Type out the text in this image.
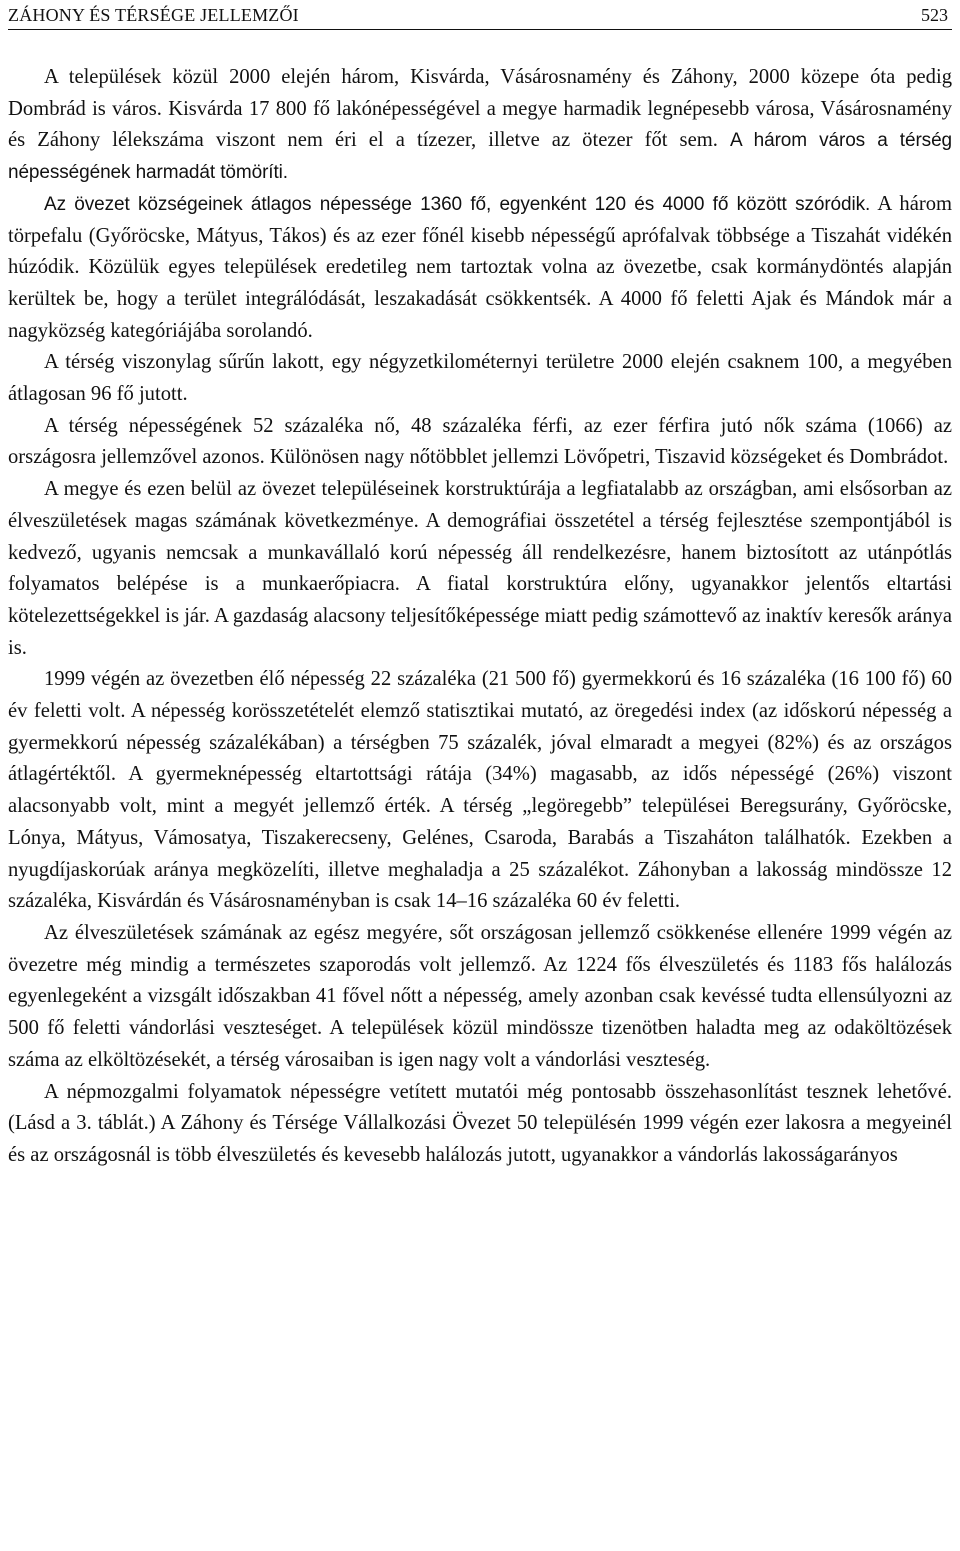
ZÁHONY ÉS TÉRSÉGE JELLEMZŐI	523

A települések közül 2000 elején három, Kisvárda, Vásárosnamény és Záhony, 2000 közepe óta pedig Dombrád is város. Kisvárda 17 800 fő lakónépességével a megye harmadik legnépesebb városa, Vásárosnamény és Záhony lélekszáma viszont nem éri el a tízezer, illetve az ötezer főt sem. A három város a térség népességének harmadát tömöríti.

Az övezet községeinek átlagos népessége 1360 fő, egyenként 120 és 4000 fő között szóródik. A három törpefalu (Győröcske, Mátyus, Tákos) és az ezer főnél kisebb népességű aprófalvak többsége a Tiszahát vidékén húzódik. Közülük egyes települések eredetileg nem tartoztak volna az övezetbe, csak kormánydöntés alapján kerültek be, hogy a terület integrálódását, leszakadását csökkentsék. A 4000 fő feletti Ajak és Mándok már a nagyközség kategóriájába sorolandó.

A térség viszonylag sűrűn lakott, egy négyzetkilométernyi területre 2000 elején csaknem 100, a megyében átlagosan 96 fő jutott.

A térség népességének 52 százaléka nő, 48 százaléka férfi, az ezer férfira jutó nők száma (1066) az országosra jellemzővel azonos. Különösen nagy nőtöbblet jellemzi Lövőpetri, Tiszavid községeket és Dombrádot.

A megye és ezen belül az övezet településeinek korstruktúrája a legfiatalabb az országban, ami elsősorban az élveszületések magas számának következménye. A demográfiai összetétel a térség fejlesztése szempontjából is kedvező, ugyanis nemcsak a munkavállaló korú népesség áll rendelkezésre, hanem biztosított az utánpótlás folyamatos belépése is a munkaerőpiacra. A fiatal korstruktúra előny, ugyanakkor jelentős eltartási kötelezettségekkel is jár. A gazdaság alacsony teljesítőképessége miatt pedig számottevő az inaktív keresők aránya is.

1999 végén az övezetben élő népesség 22 százaléka (21 500 fő) gyermekkorú és 16 százaléka (16 100 fő) 60 év feletti volt. A népesség korösszetételét elemző statisztikai mutató, az öregedési index (az időskorú népesség a gyermekkorú népesség százalékában) a térségben 75 százalék, jóval elmaradt a megyei (82%) és az országos átlagértéktől. A gyermeknépesség eltartottsági rátája (34%) magasabb, az idős népességé (26%) viszont alacsonyabb volt, mint a megyét jellemző érték. A térség „legöregebb” települései Beregsurány, Győröcske, Lónya, Mátyus, Vámosatya, Tiszakerecseny, Gelénes, Csaroda, Barabás a Tiszaháton találhatók. Ezekben a nyugdíjaskorúak aránya megközelíti, illetve meghaladja a 25 százalékot. Záhonyban a lakosság mindössze 12 százaléka, Kisvárdán és Vásárosnaményban is csak 14–16 százaléka 60 év feletti.

Az élveszületések számának az egész megyére, sőt országosan jellemző csökkenése ellenére 1999 végén az övezetre még mindig a természetes szaporodás volt jellemző. Az 1224 fős élveszületés és 1183 fős halálozás egyenlegeként a vizsgált időszakban 41 fővel nőtt a népesség, amely azonban csak kevéssé tudta ellensúlyozni az 500 fő feletti vándorlási veszteséget. A települések közül mindössze tizenötben haladta meg az odaköltözések száma az elköltözésekét, a térség városaiban is igen nagy volt a vándorlási veszteség.

A népmozgalmi folyamatok népességre vetített mutatói még pontosabb összehasonlítást tesznek lehetővé. (Lásd a 3. táblát.) A Záhony és Térsége Vállalkozási Övezet 50 településén 1999 végén ezer lakosra a megyeinél és az országosnál is több élveszületés és kevesebb halálozás jutott, ugyanakkor a vándorlás lakosságarányos
